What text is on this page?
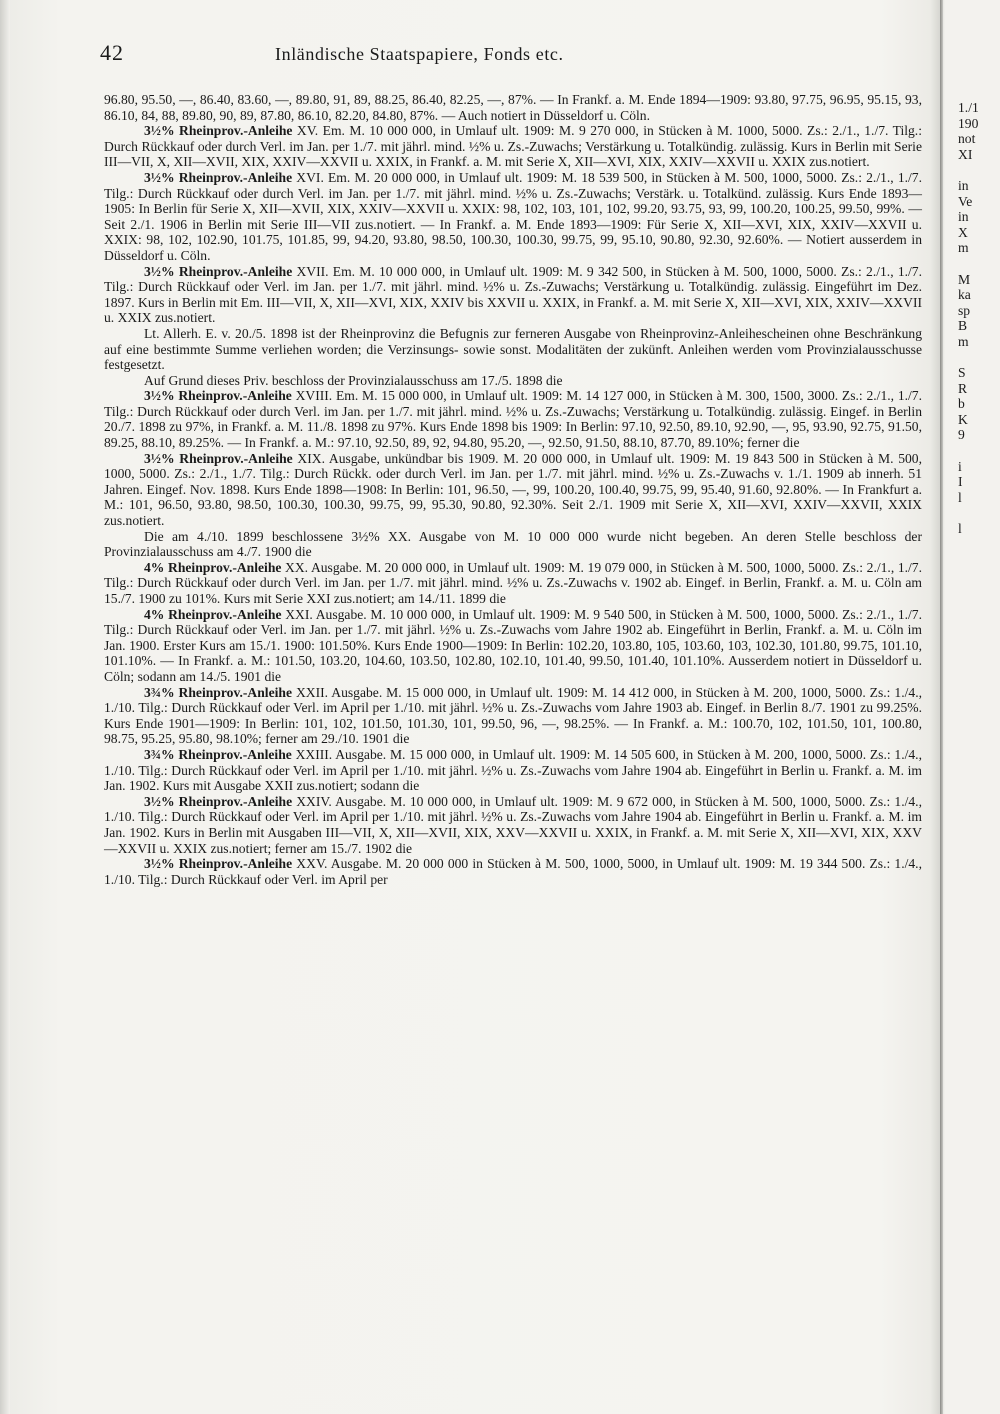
42	Inländische Staatspapiere, Fonds etc.

96.80, 95.50, —, 86.40, 83.60, —, 89.80, 91, 89, 88.25, 86.40, 82.25, —, 87%. — In Frankf. a. M. Ende 1894—1909: 93.80, 97.75, 96.95, 95.15, 93, 86.10, 84, 88, 89.80, 90, 89, 87.80, 86.10, 82.20, 84.80, 87%. — Auch notiert in Düsseldorf u. Cöln.

3½% Rheinprov.-Anleihe XV. Em. M. 10 000 000, in Umlauf ult. 1909: M. 9 270 000, in Stücken à M. 1000, 5000. Zs.: 2./1., 1./7. Tilg.: Durch Rückkauf oder durch Verl. im Jan. per 1./7. mit jährl. mind. ½% u. Zs.-Zuwachs; Verstärkung u. Totalkündig. zulässig. Kurs in Berlin mit Serie III—VII, X, XII—XVII, XIX, XXIV—XXVII u. XXIX, in Frankf. a. M. mit Serie X, XII—XVI, XIX, XXIV—XXVII u. XXIX zus.notiert.

3½% Rheinprov.-Anleihe XVI. Em. M. 20 000 000, in Umlauf ult. 1909: M. 18 539 500, in Stücken à M. 500, 1000, 5000. Zs.: 2./1., 1./7. Tilg.: Durch Rückkauf oder durch Verl. im Jan. per 1./7. mit jährl. mind. ½% u. Zs.-Zuwachs; Verstärk. u. Totalkünd. zulässig. Kurs Ende 1893—1905: In Berlin für Serie X, XII—XVII, XIX, XXIV—XXVII u. XXIX: 98, 102, 103, 101, 102, 99.20, 93.75, 93, 99, 100.20, 100.25, 99.50, 99%. — Seit 2./1. 1906 in Berlin mit Serie III—VII zus.notiert. — In Frankf. a. M. Ende 1893—1909: Für Serie X, XII—XVI, XIX, XXIV—XXVII u. XXIX: 98, 102, 102.90, 101.75, 101.85, 99, 94.20, 93.80, 98.50, 100.30, 100.30, 99.75, 99, 95.10, 90.80, 92.30, 92.60%. — Notiert ausserdem in Düsseldorf u. Cöln.

3½% Rheinprov.-Anleihe XVII. Em. M. 10 000 000, in Umlauf ult. 1909: M. 9 342 500, in Stücken à M. 500, 1000, 5000. Zs.: 2./1., 1./7. Tilg.: Durch Rückkauf oder Verl. im Jan. per 1./7. mit jährl. mind. ½% u. Zs.-Zuwachs; Verstärkung u. Totalkündig. zulässig. Eingeführt im Dez. 1897. Kurs in Berlin mit Em. III—VII, X, XII—XVI, XIX, XXIV bis XXVII u. XXIX, in Frankf. a. M. mit Serie X, XII—XVI, XIX, XXIV—XXVII u. XXIX zus.notiert.

Lt. Allerh. E. v. 20./5. 1898 ist der Rheinprovinz die Befugnis zur ferneren Ausgabe von Rheinprovinz-Anleihescheinen ohne Beschränkung auf eine bestimmte Summe verliehen worden; die Verzinsungs- sowie sonst. Modalitäten der zukünft. Anleihen werden vom Provinzialausschusse festgesetzt.

Auf Grund dieses Priv. beschloss der Provinzialausschuss am 17./5. 1898 die

3½% Rheinprov.-Anleihe XVIII. Em. M. 15 000 000, in Umlauf ult. 1909: M. 14 127 000, in Stücken à M. 300, 1500, 3000. Zs.: 2./1., 1./7. Tilg.: Durch Rückkauf oder durch Verl. im Jan. per 1./7. mit jährl. mind. ½% u. Zs.-Zuwachs; Verstärkung u. Totalkündig. zulässig. Eingef. in Berlin 20./7. 1898 zu 97%, in Frankf. a. M. 11./8. 1898 zu 97%. Kurs Ende 1898 bis 1909: In Berlin: 97.10, 92.50, 89.10, 92.90, —, 95, 93.90, 92.75, 91.50, 89.25, 88.10, 89.25%. — In Frankf. a. M.: 97.10, 92.50, 89, 92, 94.80, 95.20, —, 92.50, 91.50, 88.10, 87.70, 89.10%; ferner die

3½% Rheinprov.-Anleihe XIX. Ausgabe, unkündbar bis 1909. M. 20 000 000, in Umlauf ult. 1909: M. 19 843 500 in Stücken à M. 500, 1000, 5000. Zs.: 2./1., 1./7. Tilg.: Durch Rückk. oder durch Verl. im Jan. per 1./7. mit jährl. mind. ½% u. Zs.-Zuwachs v. 1./1. 1909 ab innerh. 51 Jahren. Eingef. Nov. 1898. Kurs Ende 1898—1908: In Berlin: 101, 96.50, —, 99, 100.20, 100.40, 99.75, 99, 95.40, 91.60, 92.80%. — In Frankfurt a. M.: 101, 96.50, 93.80, 98.50, 100.30, 100.30, 99.75, 99, 95.30, 90.80, 92.30%. Seit 2./1. 1909 mit Serie X, XII—XVI, XXIV—XXVII, XXIX zus.notiert.

Die am 4./10. 1899 beschlossene 3½% XX. Ausgabe von M. 10 000 000 wurde nicht begeben. An deren Stelle beschloss der Provinzialausschuss am 4./7. 1900 die

4% Rheinprov.-Anleihe XX. Ausgabe. M. 20 000 000, in Umlauf ult. 1909: M. 19 079 000, in Stücken à M. 500, 1000, 5000. Zs.: 2./1., 1./7. Tilg.: Durch Rückkauf oder durch Verl. im Jan. per 1./7. mit jährl. mind. ½% u. Zs.-Zuwachs v. 1902 ab. Eingef. in Berlin, Frankf. a. M. u. Cöln am 15./7. 1900 zu 101%. Kurs mit Serie XXI zus.notiert; am 14./11. 1899 die

4% Rheinprov.-Anleihe XXI. Ausgabe. M. 10 000 000, in Umlauf ult. 1909: M. 9 540 500, in Stücken à M. 500, 1000, 5000. Zs.: 2./1., 1./7. Tilg.: Durch Rückkauf oder Verl. im Jan. per 1./7. mit jährl. ½% u. Zs.-Zuwachs vom Jahre 1902 ab. Eingeführt in Berlin, Frankf. a. M. u. Cöln im Jan. 1900. Erster Kurs am 15./1. 1900: 101.50%. Kurs Ende 1900—1909: In Berlin: 102.20, 103.80, 105, 103.60, 103, 102.30, 101.80, 99.75, 101.10, 101.10%. — In Frankf. a. M.: 101.50, 103.20, 104.60, 103.50, 102.80, 102.10, 101.40, 99.50, 101.40, 101.10%. Ausserdem notiert in Düsseldorf u. Cöln; sodann am 14./5. 1901 die

3¾% Rheinprov.-Anleihe XXII. Ausgabe. M. 15 000 000, in Umlauf ult. 1909: M. 14 412 000, in Stücken à M. 200, 1000, 5000. Zs.: 1./4., 1./10. Tilg.: Durch Rückkauf oder Verl. im April per 1./10. mit jährl. ½% u. Zs.-Zuwachs vom Jahre 1903 ab. Eingef. in Berlin 8./7. 1901 zu 99.25%. Kurs Ende 1901—1909: In Berlin: 101, 102, 101.50, 101.30, 101, 99.50, 96, —, 98.25%. — In Frankf. a. M.: 100.70, 102, 101.50, 101, 100.80, 98.75, 95.25, 95.80, 98.10%; ferner am 29./10. 1901 die

3¾% Rheinprov.-Anleihe XXIII. Ausgabe. M. 15 000 000, in Umlauf ult. 1909: M. 14 505 600, in Stücken à M. 200, 1000, 5000. Zs.: 1./4., 1./10. Tilg.: Durch Rückkauf oder Verl. im April per 1./10. mit jährl. ½% u. Zs.-Zuwachs vom Jahre 1904 ab. Eingeführt in Berlin u. Frankf. a. M. im Jan. 1902. Kurs mit Ausgabe XXII zus.notiert; sodann die

3½% Rheinprov.-Anleihe XXIV. Ausgabe. M. 10 000 000, in Umlauf ult. 1909: M. 9 672 000, in Stücken à M. 500, 1000, 5000. Zs.: 1./4., 1./10. Tilg.: Durch Rückkauf oder Verl. im April per 1./10. mit jährl. ½% u. Zs.-Zuwachs vom Jahre 1904 ab. Eingeführt in Berlin u. Frankf. a. M. im Jan. 1902. Kurs in Berlin mit Ausgaben III—VII, X, XII—XVII, XIX, XXV—XXVII u. XXIX, in Frankf. a. M. mit Serie X, XII—XVI, XIX, XXV—XXVII u. XXIX zus.notiert; ferner am 15./7. 1902 die

3½% Rheinprov.-Anleihe XXV. Ausgabe. M. 20 000 000 in Stücken à M. 500, 1000, 5000, in Umlauf ult. 1909: M. 19 344 500. Zs.: 1./4., 1./10. Tilg.: Durch Rückkauf oder Verl. im April per

1./1
190
not
XI
in
Ve
in
X
m
M
ka
sp
B
m
S
R
b
K
9
i
I
l
l
